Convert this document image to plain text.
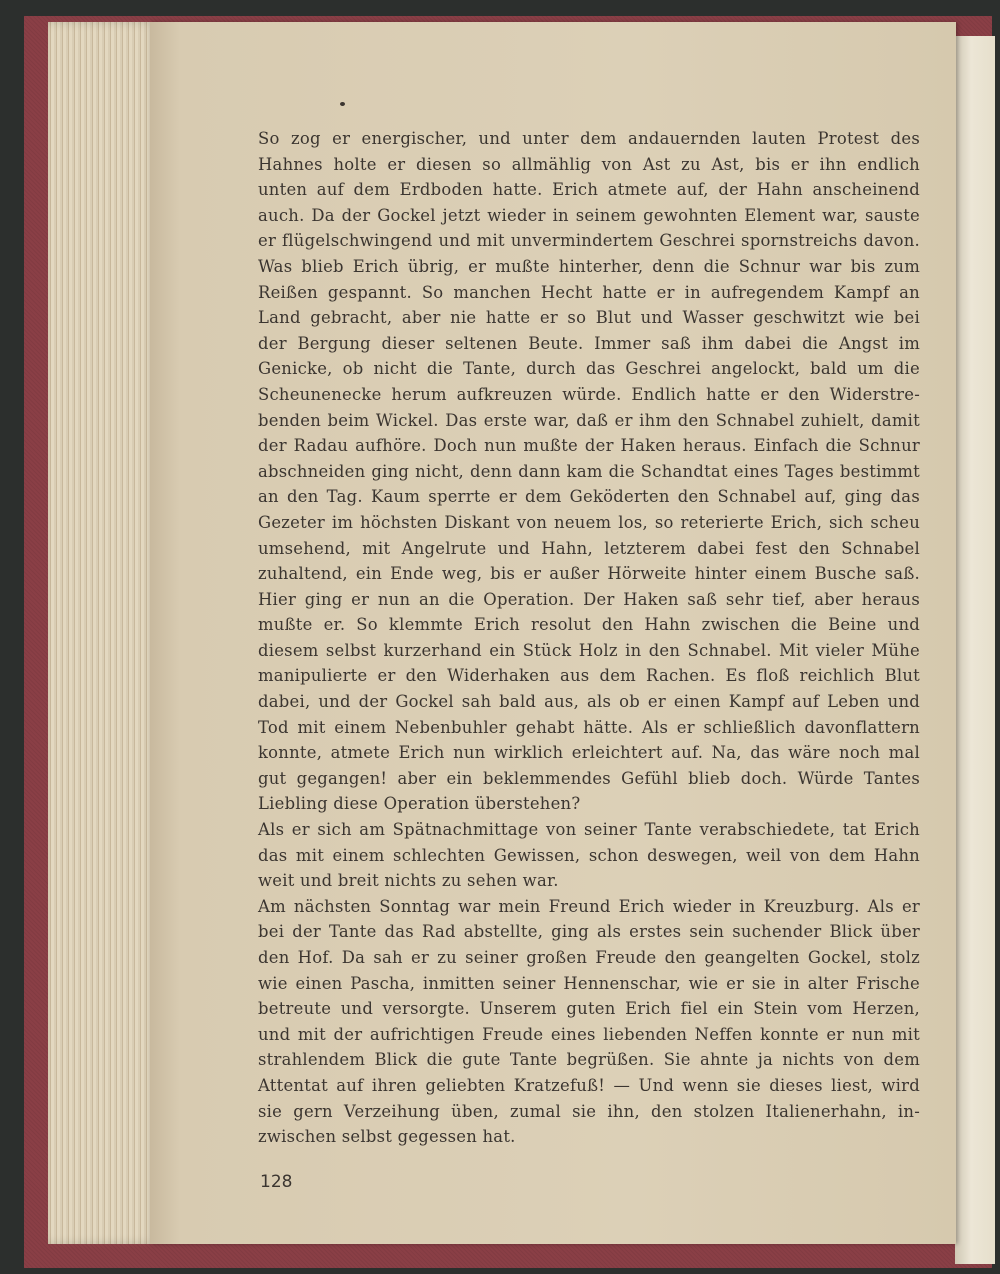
So zog er energischer, und unter dem andauernden lauten Protest des
Hahnes holte er diesen so allmählig von Ast zu Ast, bis er ihn endlich
unten auf dem Erdboden hatte. Erich atmete auf, der Hahn anscheinend
auch. Da der Gockel jetzt wieder in seinem gewohnten Element war, sauste
er flügelschwingend und mit unvermindertem Geschrei spornstreichs davon.
Was blieb Erich übrig, er mußte hinterher, denn die Schnur war bis zum
Reißen gespannt. So manchen Hecht hatte er in aufregendem Kampf an
Land gebracht, aber nie hatte er so Blut und Wasser geschwitzt wie bei
der Bergung dieser seltenen Beute. Immer saß ihm dabei die Angst im
Genicke, ob nicht die Tante, durch das Geschrei angelockt, bald um die
Scheunenecke herum aufkreuzen würde. Endlich hatte er den Widerstre-
benden beim Wickel. Das erste war, daß er ihm den Schnabel zuhielt, damit
der Radau aufhöre. Doch nun mußte der Haken heraus. Einfach die Schnur
abschneiden ging nicht, denn dann kam die Schandtat eines Tages bestimmt
an den Tag. Kaum sperrte er dem Geköderten den Schnabel auf, ging das
Gezeter im höchsten Diskant von neuem los, so reterierte Erich, sich scheu
umsehend, mit Angelrute und Hahn, letzterem dabei fest den Schnabel
zuhaltend, ein Ende weg, bis er außer Hörweite hinter einem Busche saß.
Hier ging er nun an die Operation. Der Haken saß sehr tief, aber heraus
mußte er. So klemmte Erich resolut den Hahn zwischen die Beine und
diesem selbst kurzerhand ein Stück Holz in den Schnabel. Mit vieler Mühe
manipulierte er den Widerhaken aus dem Rachen. Es floß reichlich Blut
dabei, und der Gockel sah bald aus, als ob er einen Kampf auf Leben und
Tod mit einem Nebenbuhler gehabt hätte. Als er schließlich davonflattern
konnte, atmete Erich nun wirklich erleichtert auf. Na, das wäre noch mal
gut gegangen! aber ein beklemmendes Gefühl blieb doch. Würde Tantes
Liebling diese Operation überstehen?
Als er sich am Spätnachmittage von seiner Tante verabschiedete, tat Erich
das mit einem schlechten Gewissen, schon deswegen, weil von dem Hahn
weit und breit nichts zu sehen war.
Am nächsten Sonntag war mein Freund Erich wieder in Kreuzburg. Als er
bei der Tante das Rad abstellte, ging als erstes sein suchender Blick über
den Hof. Da sah er zu seiner großen Freude den geangelten Gockel, stolz
wie einen Pascha, inmitten seiner Hennenschar, wie er sie in alter Frische
betreute und versorgte. Unserem guten Erich fiel ein Stein vom Herzen,
und mit der aufrichtigen Freude eines liebenden Neffen konnte er nun mit
strahlendem Blick die gute Tante begrüßen. Sie ahnte ja nichts von dem
Attentat auf ihren geliebten Kratzefuß! — Und wenn sie dieses liest, wird
sie gern Verzeihung üben, zumal sie ihn, den stolzen Italienerhahn, in-
zwischen selbst gegessen hat.
128
